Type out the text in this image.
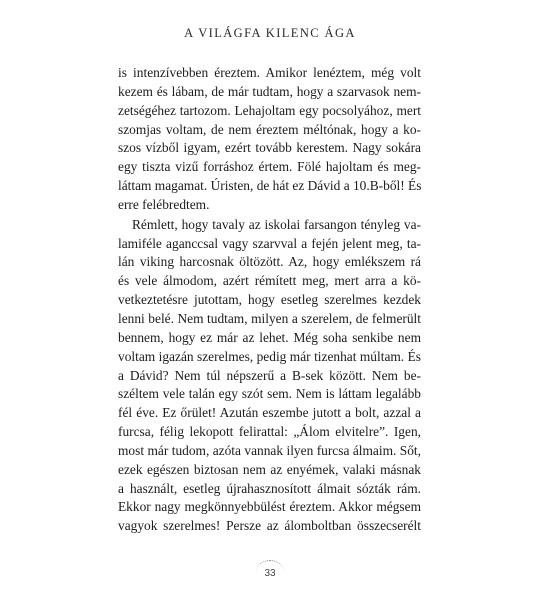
A VILÁGFA KILENC ÁGA
is intenzívebben éreztem. Amikor lenéztem, még volt
kezem és lábam, de már tudtam, hogy a szarvasok nem-
zetségéhez tartozom. Lehajoltam egy pocsolyához, mert
szomjas voltam, de nem éreztem méltónak, hogy a ko-
szos vízből igyam, ezért tovább kerestem. Nagy sokára
egy tiszta vizű forráshoz értem. Fölé hajoltam és meg-
láttam magamat. Úristen, de hát ez Dávid a 10.B-ből! És
erre felébredtem.
Rémlett, hogy tavaly az iskolai farsangon tényleg va-
lamiféle aganccsal vagy szarvval a fején jelent meg, ta-
lán viking harcosnak öltözött. Az, hogy emlékszem rá
és vele álmodom, azért rémített meg, mert arra a kö-
vetkeztetésre jutottam, hogy esetleg szerelmes kezdek
lenni belé. Nem tudtam, milyen a szerelem, de felmerült
bennem, hogy ez már az lehet. Még soha senkibe nem
voltam igazán szerelmes, pedig már tizenhat múltam. És
a Dávid? Nem túl népszerű a B-sek között. Nem be-
széltem vele talán egy szót sem. Nem is láttam legalább
fél éve. Ez őrület! Azután eszembe jutott a bolt, azzal a
furcsa, félig lekopott felirattal: „Álom elvitelre”. Igen,
most már tudom, azóta vannak ilyen furcsa álmaim. Sőt,
ezek egészen biztosan nem az enyémek, valaki másnak
a használt, esetleg újrahasznosított álmait sózták rám.
Ekkor nagy megkönnyebbülést éreztem. Akkor mégsem
vagyok szerelmes! Persze az álomboltban összecserélt
33
